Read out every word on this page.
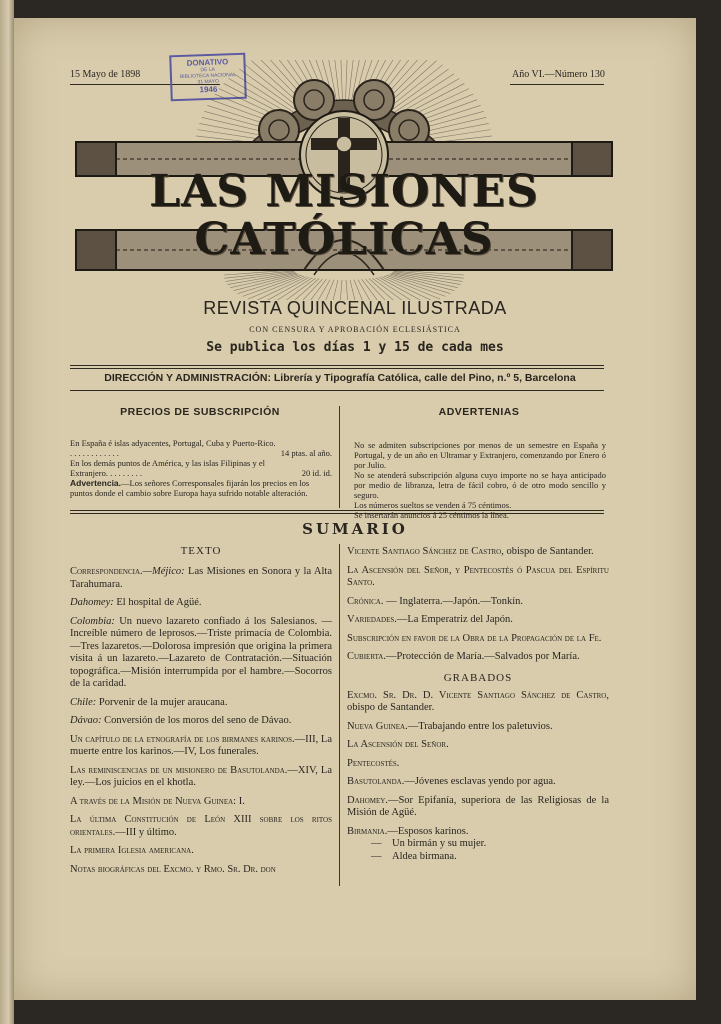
15 Mayo de 1898	Año VI.—Número 130
DONATIVO
DE LA
BIBLIOTECA NACIONAL
31 MAYO
1946
LAS MISIONES CATÓLICAS
REVISTA QUINCENAL ILUSTRADA
CON CENSURA Y APROBACIÓN ECLESIÁSTICA
Se publica los días 1 y 15 de cada mes
DIRECCIÓN Y ADMINISTRACIÓN: Librería y Tipografía Católica, calle del Pino, n.º 5, Barcelona
PRECIOS DE SUBSCRIPCIÓN	ADVERTENIAS
En España é islas adyacentes, Portugal, Cuba y Puerto-Rico. . . . . . . . . . . . .	14 ptas. al año.
En los demás puntos de América, y las islas Filipinas y el Extranjero. . . . . . . . .	20 id. id.
Advertencia.—Los señores Corresponsales fijarán los precios en los puntos donde el cambio sobre Europa haya sufrido notable alteración.
No se admiten subscripciones por menos de un semestre en España y Portugal, y de un año en Ultramar y Extranjero, comenzando por Enero ó por Julio.
No se atenderá subscripción alguna cuyo importe no se haya anticipado por medio de libranza, letra de fácil cobro, ó de otro modo sencillo y seguro.
Los números sueltos se venden á 75 céntimos.
Se insertarán anuncios á 25 céntimos la línea.
SUMARIO
TEXTO
Correspondencia.—Méjico: Las Misiones en Sonora y la Alta Tarahumara.
Dahomey: El hospital de Agüé.
Colombia: Un nuevo lazareto confiado á los Salesianos. —Increíble número de leprosos.—Triste primacía de Colombia.—Tres lazaretos.—Dolorosa impresión que origina la primera visita á un lazareto.—Lazareto de Contratación.—Situación topográfica.—Misión interrumpida por el hambre.—Socorros de la caridad.
Chile: Porvenir de la mujer araucana.
Dávao: Conversión de los moros del seno de Dávao.
Un capítulo de la etnografía de los birmanes karinos.—III, La muerte entre los karinos.—IV, Los funerales.
Las reminiscencias de un misionero de Basutolanda.—XIV, La ley.—Los juicios en el khotla.
A través de la Misión de Nueva Guinea: I.
La última Constitución de León XIII sobre los ritos orientales.—III y último.
La primera Iglesia americana.
Notas biográficas del Excmo. y Rmo. Sr. Dr. don
Vicente Santiago Sánchez de Castro, obispo de Santander.
La Ascensión del Señor, y Pentecostés ó Pascua del Espíritu Santo.
Crónica. — Inglaterra.—Japón.—Tonkín.
Variedades.—La Emperatriz del Japón.
Subscripción en favor de la Obra de la Propagación de la Fe.
Cubierta.—Protección de María.—Salvados por María.
GRABADOS
Excmo. Sr. Dr. D. Vicente Santiago Sánchez de Castro, obispo de Santander.
Nueva Guinea.—Trabajando entre los paletuvios.
La Ascensión del Señor.
Pentecostés.
Basutolanda.—Jóvenes esclavas yendo por agua.
Dahomey.—Sor Epifanía, superiora de las Religiosas de la Misión de Agüé.
Birmania.—Esposos karinos.
— Un birmán y su mujer.
— Aldea birmana.
